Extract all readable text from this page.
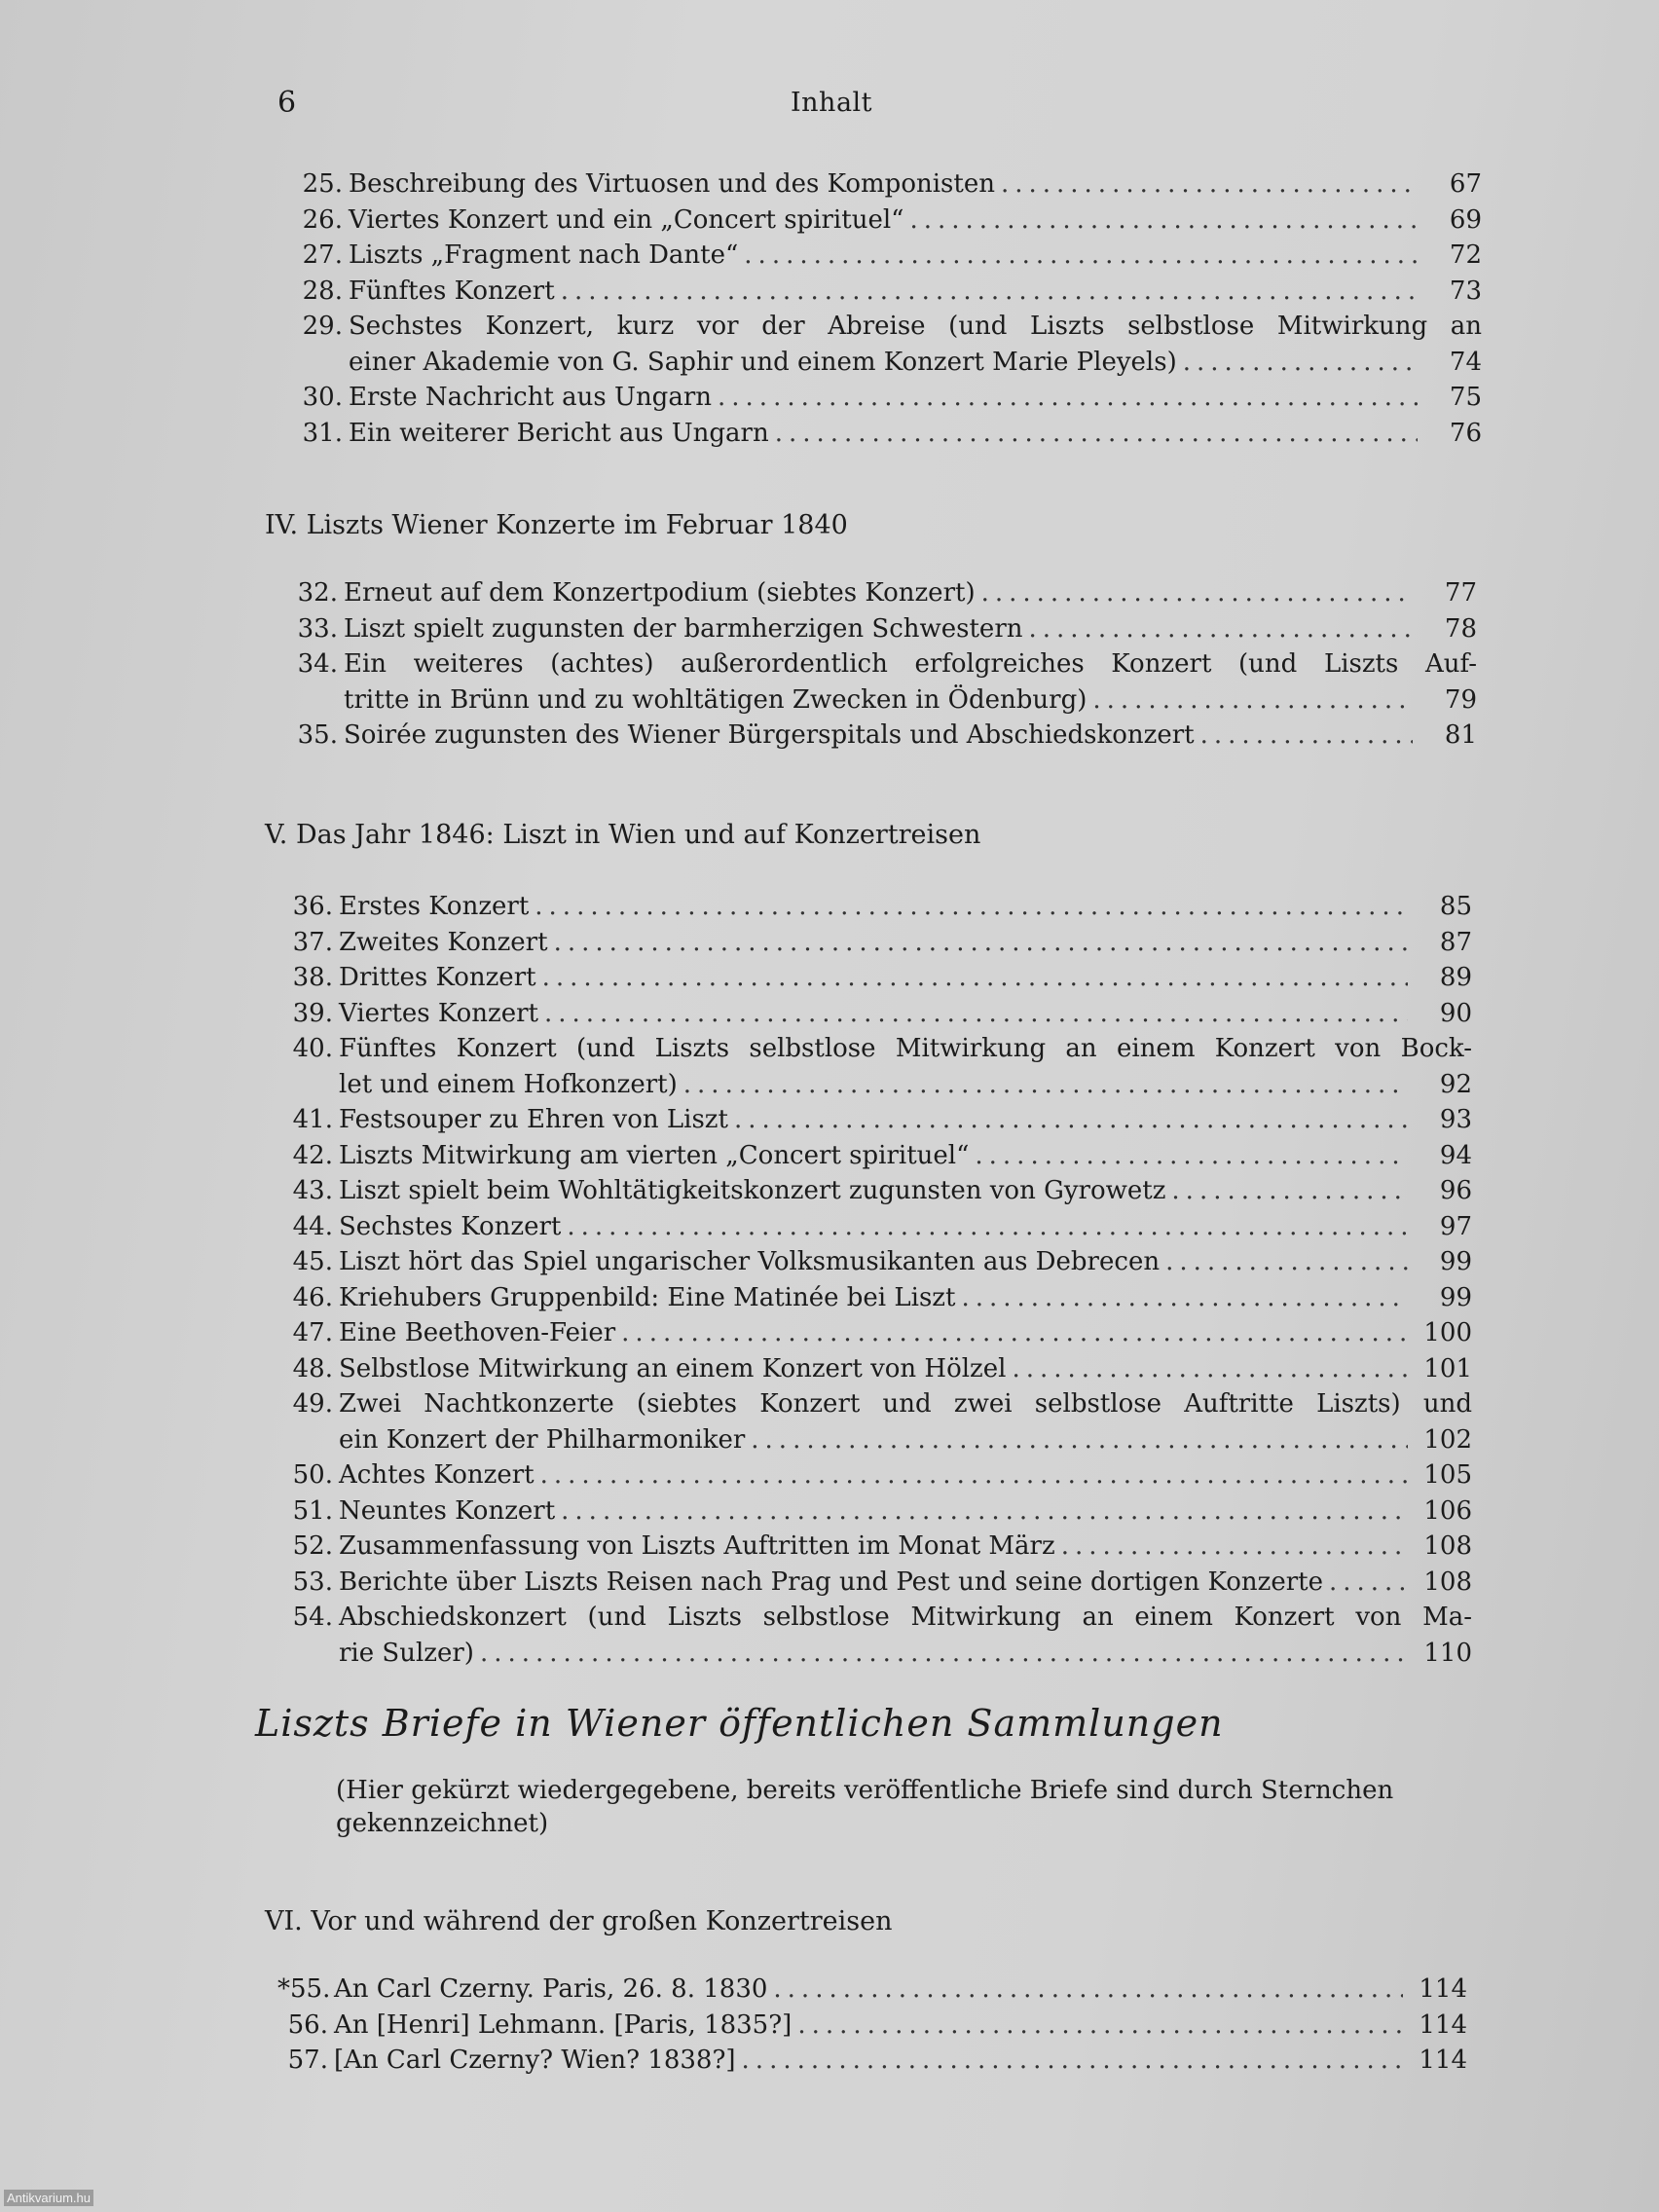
6	Inhalt
IV. Liszts Wiener Konzerte im Februar 1840
V. Das Jahr 1846: Liszt in Wien und auf Konzertreisen
VI. Vor und während der großen Konzertreisen
25. Beschreibung des Virtuosen und des Komponisten .....	67
26. Viertes Konzert und ein „Concert spirituel“ .....	69
27. Liszts „Fragment nach Dante“ .....	72
28. Fünftes Konzert .....	73
29. Sechstes Konzert, kurz vor der Abreise (und Liszts selbstlose Mitwirkung an
einer Akademie von G. Saphir und einem Konzert Marie Pleyels) .....	74
30. Erste Nachricht aus Ungarn .....	75
31. Ein weiterer Bericht aus Ungarn .....	76
32. Erneut auf dem Konzertpodium (siebtes Konzert) .....	77
33. Liszt spielt zugunsten der barmherzigen Schwestern .....	78
34. Ein weiteres (achtes) außerordentlich erfolgreiches Konzert (und Liszts Auf-
tritte in Brünn und zu wohltätigen Zwecken in Ödenburg) .....	79
35. Soirée zugunsten des Wiener Bürgerspitals und Abschiedskonzert .....	81
36. Erstes Konzert .....	85
37. Zweites Konzert .....	87
38. Drittes Konzert .....	89
39. Viertes Konzert .....	90
40. Fünftes Konzert (und Liszts selbstlose Mitwirkung an einem Konzert von Bock-
let und einem Hofkonzert) .....	92
41. Festsouper zu Ehren von Liszt .....	93
42. Liszts Mitwirkung am vierten „Concert spirituel“ .....	94
43. Liszt spielt beim Wohltätigkeitskonzert zugunsten von Gyrowetz .....	96
44. Sechstes Konzert .....	97
45. Liszt hört das Spiel ungarischer Volksmusikanten aus Debrecen .....	99
46. Kriehubers Gruppenbild: Eine Matinée bei Liszt .....	99
47. Eine Beethoven-Feier .....	100
48. Selbstlose Mitwirkung an einem Konzert von Hölzel .....	101
49. Zwei Nachtkonzerte (siebtes Konzert und zwei selbstlose Auftritte Liszts) und
ein Konzert der Philharmoniker .....	102
50. Achtes Konzert .....	105
51. Neuntes Konzert .....	106
52. Zusammenfassung von Liszts Auftritten im Monat März .....	108
53. Berichte über Liszts Reisen nach Prag und Pest und seine dortigen Konzerte .....	108
54. Abschiedskonzert (und Liszts selbstlose Mitwirkung an einem Konzert von Ma-
rie Sulzer) .....	110
*55. An Carl Czerny. Paris, 26. 8. 1830 .....	114
56. An [Henri] Lehmann. [Paris, 1835?] .....	114
57. [An Carl Czerny? Wien? 1838?] .....	114
Liszts Briefe in Wiener öffentlichen Sammlungen
(Hier gekürzt wiedergegebene, bereits veröffentliche Briefe sind durch Sternchen gekennzeichnet)
Antikvarium.hu
